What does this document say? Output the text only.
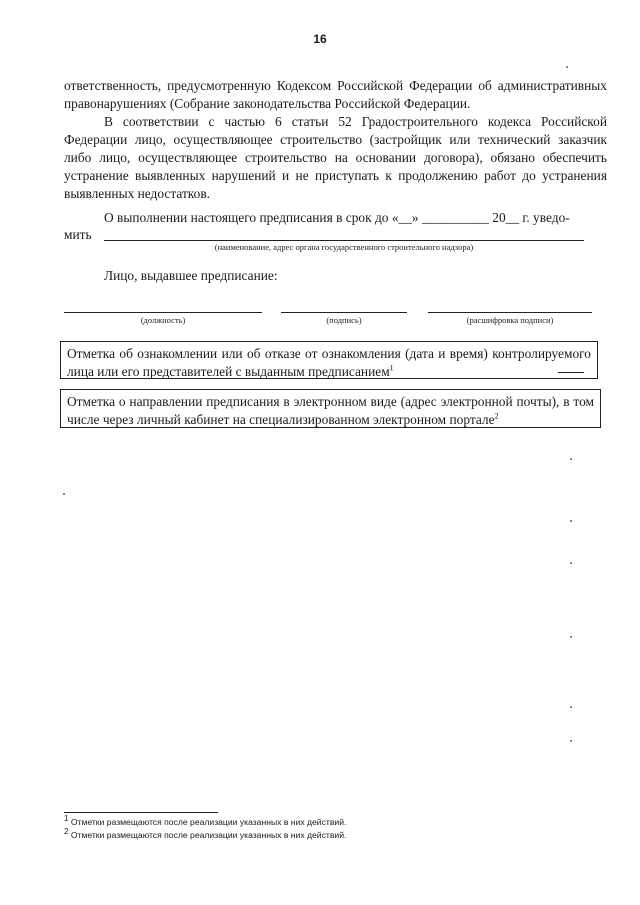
16
ответственность, предусмотренную Кодексом Российской Федерации об административных правонарушениях (Собрание законодательства Российской Федерации.
В соответствии с частью 6 статьи 52 Градостроительного кодекса Российской Федерации лицо, осуществляющее строительство (застройщик или технический заказчик либо лицо, осуществляющее строительство на основании договора), обязано обеспечить устранение выявленных нарушений и не приступать к продолжению работ до устранения выявленных недостатков.
О выполнении настоящего предписания в срок до «__» __________ 20__ г. уведо-
мить
(наименование, адрес органа государственного строительного надзора)
Лицо, выдавшее предписание:
(должность)	(подпись)	(расшифровка подписи)
Отметка об ознакомлении или об отказе от ознакомления (дата и время) контролируемого лица или его представителей с выданным предписанием$^1$
Отметка о направлении предписания в электронном виде (адрес электронной почты), в том числе через личный кабинет на специализированном электронном портале$^2$
$^1$ Отметки размещаются после реализации указанных в них действий.
$^2$ Отметки размещаются после реализации указанных в них действий.
